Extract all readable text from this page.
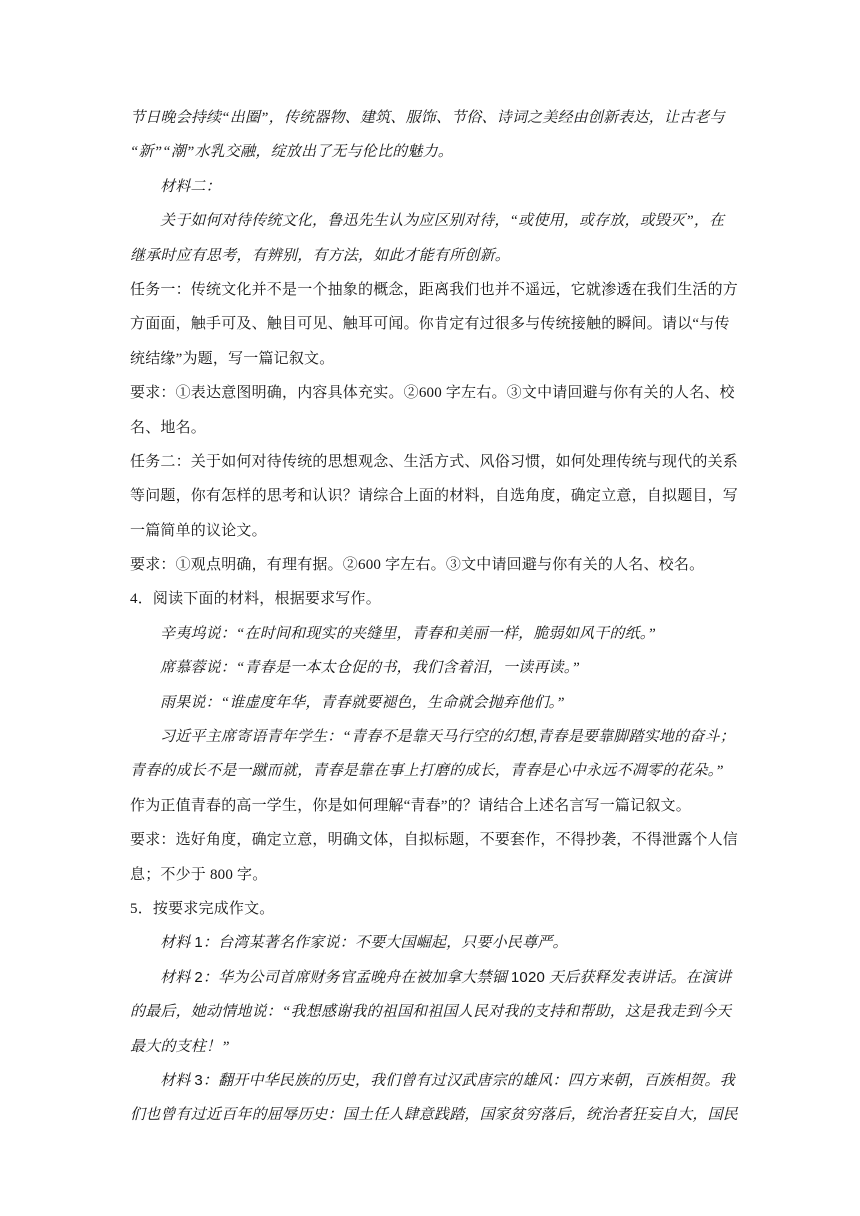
节日晚会持续“出圈”，传统器物、建筑、服饰、节俗、诗词之美经由创新表达，让古老与
“新”“潮”水乳交融，绽放出了无与伦比的魅力。
材料二：
关于如何对待传统文化，鲁迅先生认为应区别对待，“或使用，或存放，或毁灭”，在
继承时应有思考，有辨别，有方法，如此才能有所创新。
任务一：传统文化并不是一个抽象的概念，距离我们也并不遥远，它就渗透在我们生活的方
方面面，触手可及、触目可见、触耳可闻。你肯定有过很多与传统接触的瞬间。请以“与传
统结缘”为题，写一篇记叙文。
要求：①表达意图明确，内容具体充实。②600 字左右。③文中请回避与你有关的人名、校
名、地名。
任务二：关于如何对待传统的思想观念、生活方式、风俗习惯，如何处理传统与现代的关系
等问题，你有怎样的思考和认识？请综合上面的材料，自选角度，确定立意，自拟题目，写
一篇简单的议论文。
要求：①观点明确，有理有据。②600 字左右。③文中请回避与你有关的人名、校名。
4．阅读下面的材料，根据要求写作。
辛夷坞说：“在时间和现实的夹缝里，青春和美丽一样，脆弱如风干的纸。”
席慕蓉说：“青春是一本太仓促的书，我们含着泪，一读再读。”
雨果说：“谁虚度年华，青春就要褪色，生命就会抛弃他们。”
习近平主席寄语青年学生：“青春不是靠天马行空的幻想,青春是要靠脚踏实地的奋斗；
青春的成长不是一蹴而就，青春是靠在事上打磨的成长，青春是心中永远不凋零的花朵。”
作为正值青春的高一学生，你是如何理解“青春”的？请结合上述名言写一篇记叙文。
要求：选好角度，确定立意，明确文体，自拟标题，不要套作，不得抄袭，不得泄露个人信
息；不少于 800 字。
5．按要求完成作文。
材料 1：台湾某著名作家说：不要大国崛起，只要小民尊严。
材料 2：华为公司首席财务官孟晚舟在被加拿大禁锢 1020 天后获释发表讲话。在演讲
的最后，她动情地说：“我想感谢我的祖国和祖国人民对我的支持和帮助，这是我走到今天
最大的支柱！”
材料 3：翻开中华民族的历史，我们曾有过汉武唐宗的雄风：四方来朝，百族相贺。我
们也曾有过近百年的屈辱历史：国土任人肆意践踏，国家贫穷落后，统治者狂妄自大，国民
